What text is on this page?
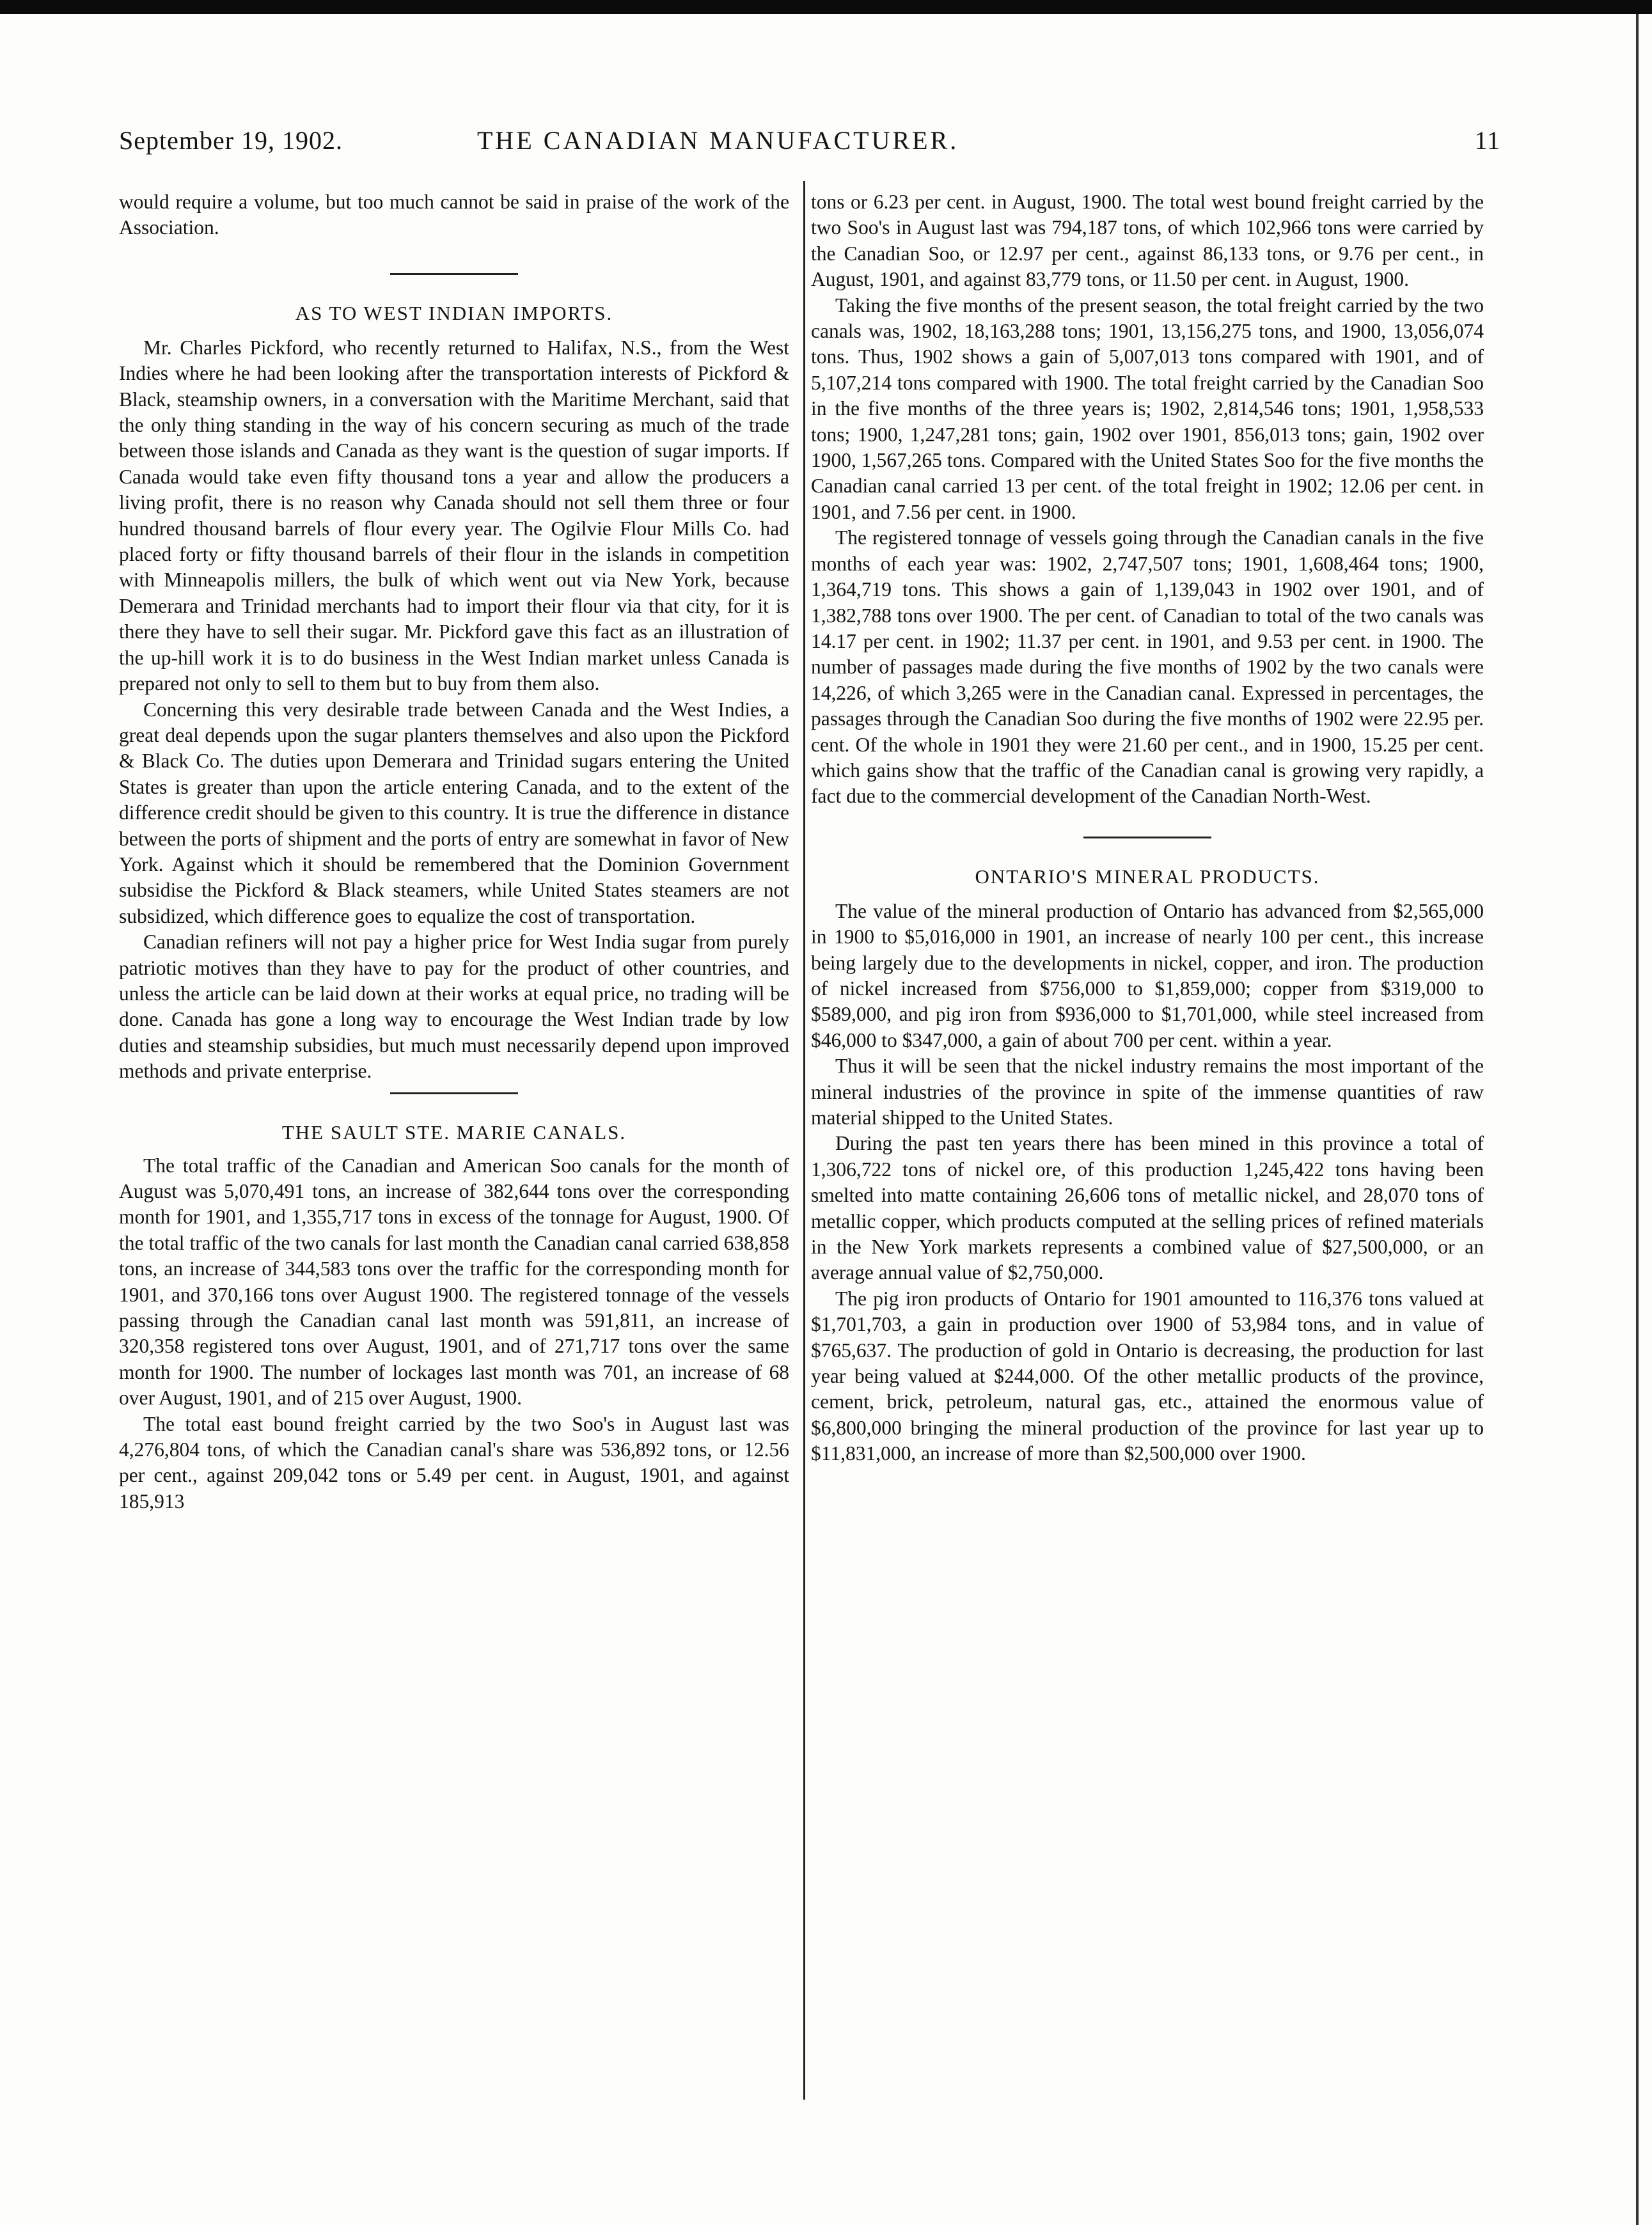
September 19, 1902.	THE CANADIAN MANUFACTURER.	11

would require a volume, but too much cannot be said in praise of the work of the Association.

AS TO WEST INDIAN IMPORTS.

Mr. Charles Pickford, who recently returned to Halifax, N.S., from the West Indies where he had been looking after the transportation interests of Pickford & Black, steamship owners, in a conversation with the Maritime Merchant, said that the only thing standing in the way of his concern securing as much of the trade between those islands and Canada as they want is the question of sugar imports. If Canada would take even fifty thousand tons a year and allow the producers a living profit, there is no reason why Canada should not sell them three or four hundred thousand barrels of flour every year. The Ogilvie Flour Mills Co. had placed forty or fifty thousand barrels of their flour in the islands in competition with Minneapolis millers, the bulk of which went out via New York, because Demerara and Trinidad merchants had to import their flour via that city, for it is there they have to sell their sugar. Mr. Pickford gave this fact as an illustration of the up-hill work it is to do business in the West Indian market unless Canada is prepared not only to sell to them but to buy from them also.

Concerning this very desirable trade between Canada and the West Indies, a great deal depends upon the sugar planters themselves and also upon the Pickford & Black Co. The duties upon Demerara and Trinidad sugars entering the United States is greater than upon the article entering Canada, and to the extent of the difference credit should be given to this country. It is true the difference in distance between the ports of shipment and the ports of entry are somewhat in favor of New York. Against which it should be remembered that the Dominion Government subsidise the Pickford & Black steamers, while United States steamers are not subsidized, which difference goes to equalize the cost of transportation.

Canadian refiners will not pay a higher price for West India sugar from purely patriotic motives than they have to pay for the product of other countries, and unless the article can be laid down at their works at equal price, no trading will be done. Canada has gone a long way to encourage the West Indian trade by low duties and steamship subsidies, but much must necessarily depend upon improved methods and private enterprise.

THE SAULT STE. MARIE CANALS.

The total traffic of the Canadian and American Soo canals for the month of August was 5,070,491 tons, an increase of 382,644 tons over the corresponding month for 1901, and 1,355,717 tons in excess of the tonnage for August, 1900. Of the total traffic of the two canals for last month the Canadian canal carried 638,858 tons, an increase of 344,583 tons over the traffic for the corresponding month for 1901, and 370,166 tons over August 1900. The registered tonnage of the vessels passing through the Canadian canal last month was 591,811, an increase of 320,358 registered tons over August, 1901, and of 271,717 tons over the same month for 1900. The number of lockages last month was 701, an increase of 68 over August, 1901, and of 215 over August, 1900.

The total east bound freight carried by the two Soo's in August last was 4,276,804 tons, of which the Canadian canal's share was 536,892 tons, or 12.56 per cent., against 209,042 tons or 5.49 per cent. in August, 1901, and against 185,913

tons or 6.23 per cent. in August, 1900. The total west bound freight carried by the two Soo's in August last was 794,187 tons, of which 102,966 tons were carried by the Canadian Soo, or 12.97 per cent., against 86,133 tons, or 9.76 per cent., in August, 1901, and against 83,779 tons, or 11.50 per cent. in August, 1900.

Taking the five months of the present season, the total freight carried by the two canals was, 1902, 18,163,288 tons; 1901, 13,156,275 tons, and 1900, 13,056,074 tons. Thus, 1902 shows a gain of 5,007,013 tons compared with 1901, and of 5,107,214 tons compared with 1900. The total freight carried by the Canadian Soo in the five months of the three years is; 1902, 2,814,546 tons; 1901, 1,958,533 tons; 1900, 1,247,281 tons; gain, 1902 over 1901, 856,013 tons; gain, 1902 over 1900, 1,567,265 tons. Compared with the United States Soo for the five months the Canadian canal carried 13 per cent. of the total freight in 1902; 12.06 per cent. in 1901, and 7.56 per cent. in 1900.

The registered tonnage of vessels going through the Canadian canals in the five months of each year was: 1902, 2,747,507 tons; 1901, 1,608,464 tons; 1900, 1,364,719 tons. This shows a gain of 1,139,043 in 1902 over 1901, and of 1,382,788 tons over 1900. The per cent. of Canadian to total of the two canals was 14.17 per cent. in 1902; 11.37 per cent. in 1901, and 9.53 per cent. in 1900. The number of passages made during the five months of 1902 by the two canals were 14,226, of which 3,265 were in the Canadian canal. Expressed in percentages, the passages through the Canadian Soo during the five months of 1902 were 22.95 per. cent. Of the whole in 1901 they were 21.60 per cent., and in 1900, 15.25 per cent. which gains show that the traffic of the Canadian canal is growing very rapidly, a fact due to the commercial development of the Canadian North-West.

ONTARIO'S MINERAL PRODUCTS.

The value of the mineral production of Ontario has advanced from $2,565,000 in 1900 to $5,016,000 in 1901, an increase of nearly 100 per cent., this increase being largely due to the developments in nickel, copper, and iron. The production of nickel increased from $756,000 to $1,859,000; copper from $319,000 to $589,000, and pig iron from $936,000 to $1,701,000, while steel increased from $46,000 to $347,000, a gain of about 700 per cent. within a year.

Thus it will be seen that the nickel industry remains the most important of the mineral industries of the province in spite of the immense quantities of raw material shipped to the United States.

During the past ten years there has been mined in this province a total of 1,306,722 tons of nickel ore, of this production 1,245,422 tons having been smelted into matte containing 26,606 tons of metallic nickel, and 28,070 tons of metallic copper, which products computed at the selling prices of refined materials in the New York markets represents a combined value of $27,500,000, or an average annual value of $2,750,000.

The pig iron products of Ontario for 1901 amounted to 116,376 tons valued at $1,701,703, a gain in production over 1900 of 53,984 tons, and in value of $765,637. The production of gold in Ontario is decreasing, the production for last year being valued at $244,000. Of the other metallic products of the province, cement, brick, petroleum, natural gas, etc., attained the enormous value of $6,800,000 bringing the mineral production of the province for last year up to $11,831,000, an increase of more than $2,500,000 over 1900.
